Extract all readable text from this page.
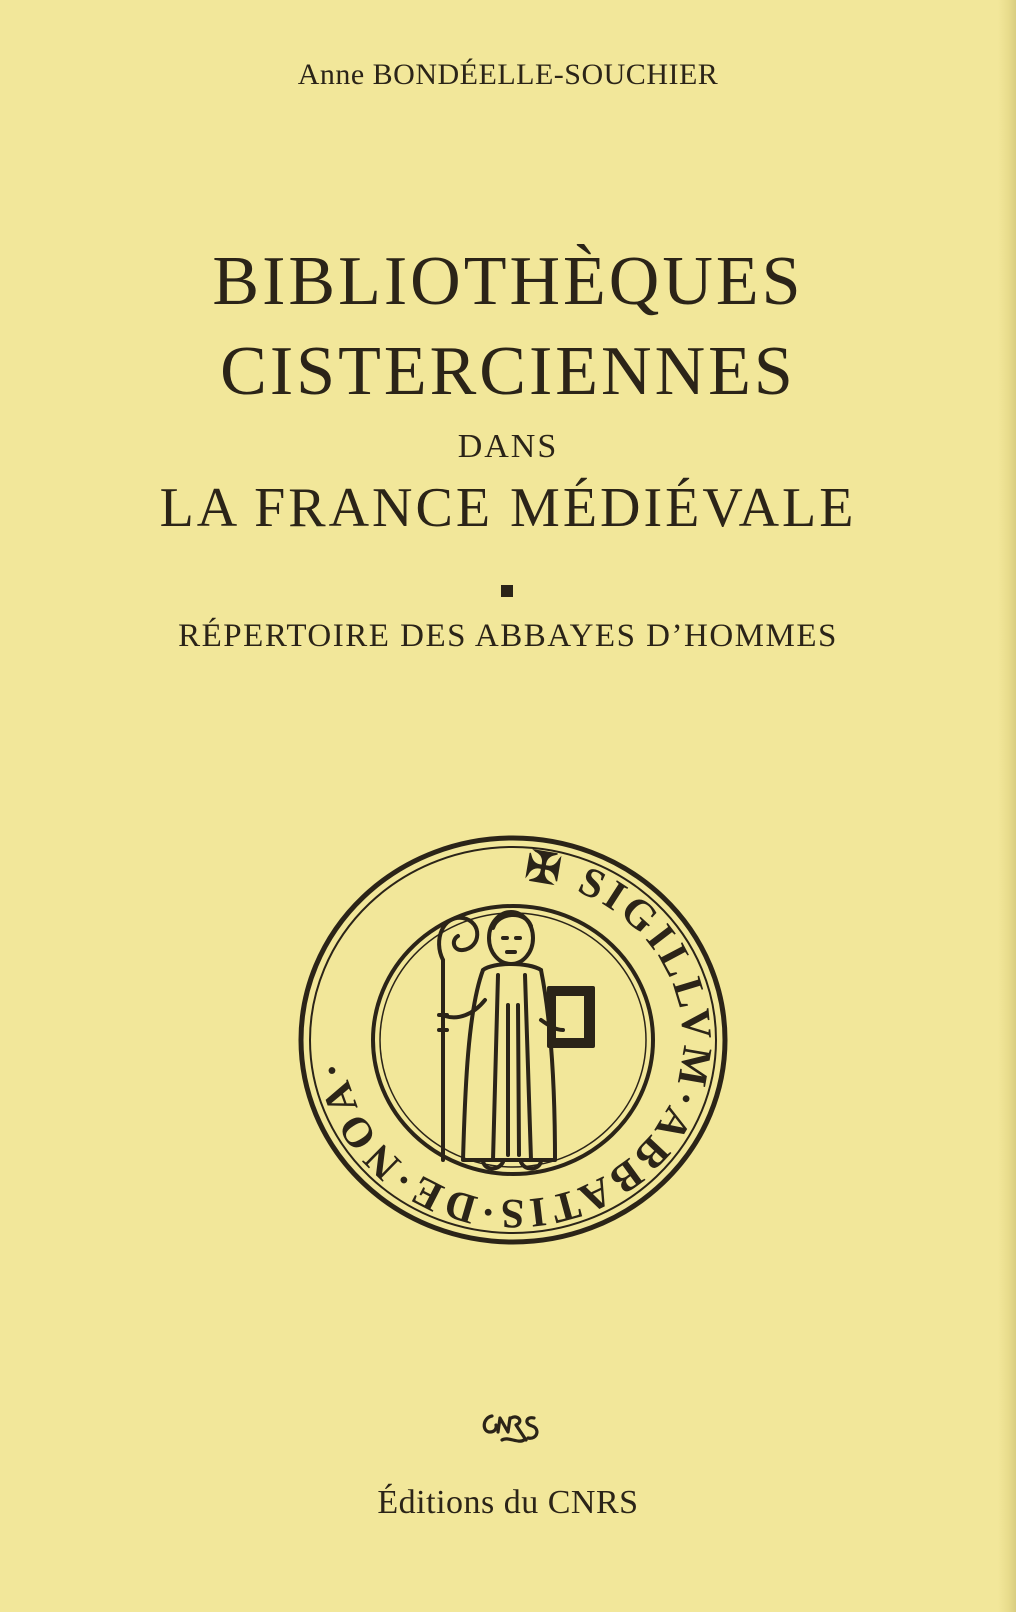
Anne BONDÉELLE-SOUCHIER
BIBLIOTHÈQUES
CISTERCIENNES
DANS
LA FRANCE MÉDIÉVALE
RÉPERTOIRE DES ABBAYES D’HOMMES
✠ SIGILLVM·ABBATIS·DE·NOA·
Éditions du CNRS
